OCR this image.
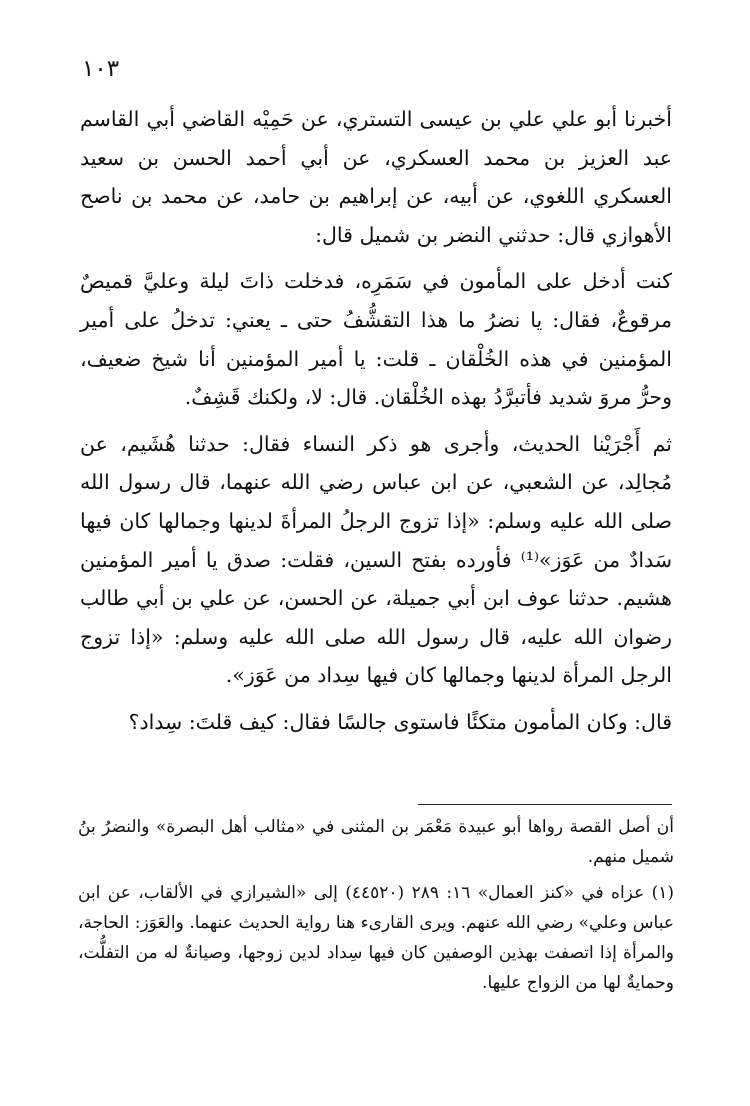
١٠٣

أخبرنا أبو علي علي بن عيسى التستري، عن حَمِيْه القاضي أبي القاسم عبد العزيز بن محمد العسكري، عن أبي أحمد الحسن بن سعيد العسكري اللغوي، عن أبيه، عن إبراهيم بن حامد، عن محمد بن ناصح الأهوازي قال: حدثني النضر بن شميل قال:

كنت أدخل على المأمون في سَمَرِه، فدخلت ذاتَ ليلة وعليَّ قميصٌ مرقوعٌ، فقال: يا نضرُ ما هذا التقشُّفُ حتى ـ يعني: تدخلُ على أمير المؤمنين في هذه الخُلْقان ـ قلت: يا أمير المؤمنين أنا شيخ ضعيف، وحرُّ مروَ شديد فأتبرَّدُ بهذه الخُلْقان. قال: لا، ولكنك قَشِفٌ.

ثم أَجْرَيْنا الحديث، وأجرى هو ذكر النساء فقال: حدثنا هُشَيم، عن مُجالِد، عن الشعبي، عن ابن عباس رضي الله عنهما، قال رسول الله صلى الله عليه وسلم: «إذا تزوج الرجلُ المرأةَ لدينها وجمالها كان فيها سَدادٌ من عَوَز»⁽¹⁾ فأورده بفتح السين، فقلت: صدق يا أمير المؤمنين هشيم. حدثنا عوف ابن أبي جميلة، عن الحسن، عن علي بن أبي طالب رضوان الله عليه، قال رسول الله صلى الله عليه وسلم: «إذا تزوج الرجل المرأة لدينها وجمالها كان فيها سِداد من عَوَز».

قال: وكان المأمون متكئًا فاستوى جالسًا فقال: كيف قلتَ: سِداد؟

أن أصل القصة رواها أبو عبيدة مَعْمَر بن المثنى في «مثالب أهل البصرة» والنضرُ بنُ شميل منهم.

(١) عزاه في «كنز العمال» ١٦: ٢٨٩ (٤٤٥٢٠) إلى «الشيرازي في الألقاب، عن ابن عباس وعلي» رضي الله عنهم. ويرى القارىء هنا رواية الحديث عنهما. والعَوَز: الحاجة، والمرأة إذا اتصفت بهذين الوصفين كان فيها سِداد لدين زوجها، وصيانةٌ له من التفلُّت، وحمايةٌ لها من الزواج عليها.
